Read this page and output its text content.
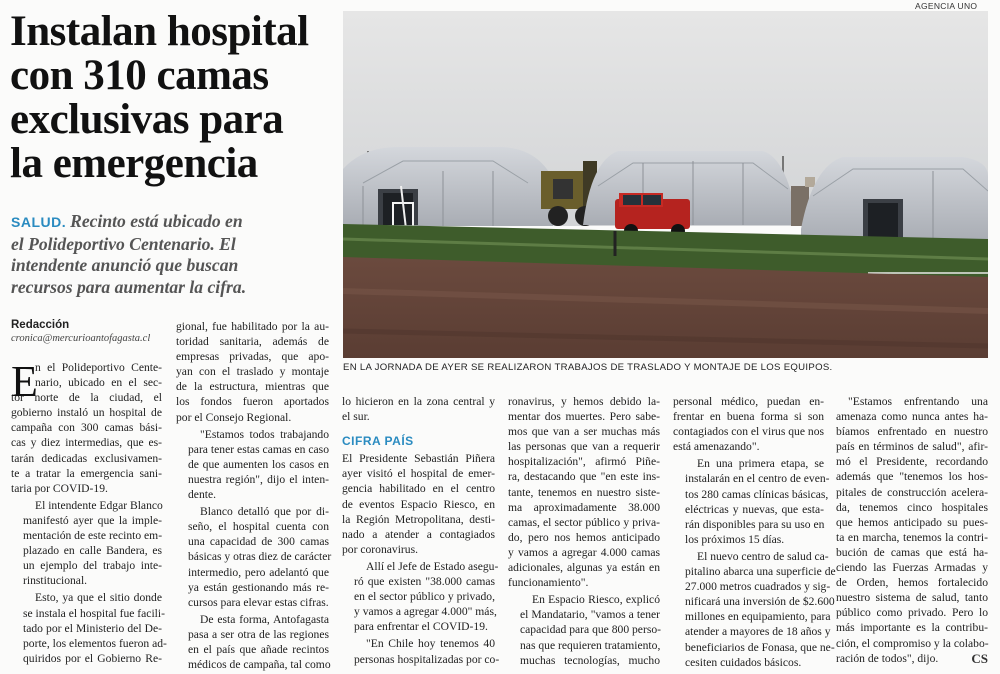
Instalan hospital
con 310 camas
exclusivas para
la emergencia
SALUD. Recinto está ubicado en
el Polideportivo Centenario. El
intendente anunció que buscan
recursos para aumentar la cifra.
Redacción
cronica@mercurioantofagasta.cl
AGENCIA UNO
EN LA JORNADA DE AYER SE REALIZARON TRABAJOS DE TRASLADO Y MONTAJE DE LOS EQUIPOS.
E

n el Polideportivo Cente-
nario, ubicado en el sec-
tor norte de la ciudad, el
gobierno instaló un hospital de
campaña con 300 camas bási-
cas y diez intermedias, que es-
tarán dedicadas exclusivamen-
te a tratar la emergencia sani-
taria por COVID-19.

El intendente Edgar Blanco
manifestó ayer que la imple-
mentación de este recinto em-
plazado en calle Bandera, es
un ejemplo del trabajo inte-
rinstitucional.

Esto, ya que el sitio donde
se instala el hospital fue facili-
tado por el Ministerio del De-
porte, los elementos fueron ad-
quiridos por el Gobierno Re-

gional, fue habilitado por la au-
toridad sanitaria, además de
empresas privadas, que apo-
yan con el traslado y montaje
de la estructura, mientras que
los fondos fueron aportados
por el Consejo Regional.

"Estamos todos trabajando
para tener estas camas en caso
de que aumenten los casos en
nuestra región", dijo el inten-
dente.

Blanco detalló que por di-
seño, el hospital cuenta con
una capacidad de 300 camas
básicas y otras diez de carácter
intermedio, pero adelantó que
ya están gestionando más re-
cursos para elevar estas cifras.

De esta forma, Antofagasta
pasa a ser otra de las regiones
en el país que añade recintos
médicos de campaña, tal como

lo hicieron en la zona central y
el sur.

CIFRA PAÍS

El Presidente Sebastián Piñera
ayer visitó el hospital de emer-
gencia habilitado en el centro
de eventos Espacio Riesco, en
la Región Metropolitana, desti-
nado a atender a contagiados
por coronavirus.

Allí el Jefe de Estado asegu-
ró que existen "38.000 camas
en el sector público y privado,
y vamos a agregar 4.000" más,
para enfrentar el COVID-19.

"En Chile hoy tenemos 40
personas hospitalizadas por co-

ronavirus, y hemos debido la-
mentar dos muertes. Pero sabe-
mos que van a ser muchas más
las personas que van a requerir
hospitalización", afirmó Piñe-
ra, destacando que "en este ins-
tante, tenemos en nuestro siste-
ma aproximadamente 38.000
camas, el sector público y priva-
do, pero nos hemos anticipado
y vamos a agregar 4.000 camas
adicionales, algunas ya están en
funcionamiento".

En Espacio Riesco, explicó
el Mandatario, "vamos a tener
capacidad para que 800 perso-
nas que requieren tratamiento,
muchas tecnologías, mucho

personal médico, puedan en-
frentar en buena forma si son
contagiados con el virus que nos
está amenazando".

En una primera etapa, se
instalarán en el centro de even-
tos 280 camas clínicas básicas,
eléctricas y nuevas, que esta-
rán disponibles para su uso en
los próximos 15 días.

El nuevo centro de salud ca-
pitalino abarca una superficie de
27.000 metros cuadrados y sig-
nificará una inversión de $2.600
millones en equipamiento, para
atender a mayores de 18 años y
beneficiarios de Fonasa, que ne-
cesiten cuidados básicos.

"Estamos enfrentando una
amenaza como nunca antes ha-
bíamos enfrentado en nuestro
país en términos de salud", afir-
mó el Presidente, recordando
además que "tenemos los hos-
pitales de construcción acelera-
da, tenemos cinco hospitales
que hemos anticipado su pues-
ta en marcha, tenemos la contri-
bución de camas que está ha-
ciendo las Fuerzas Armadas y
de Orden, hemos fortalecido
nuestro sistema de salud, tanto
público como privado. Pero lo
más importante es la contribu-
ción, el compromiso y la colabo-
ración de todos", dijo.	CS
